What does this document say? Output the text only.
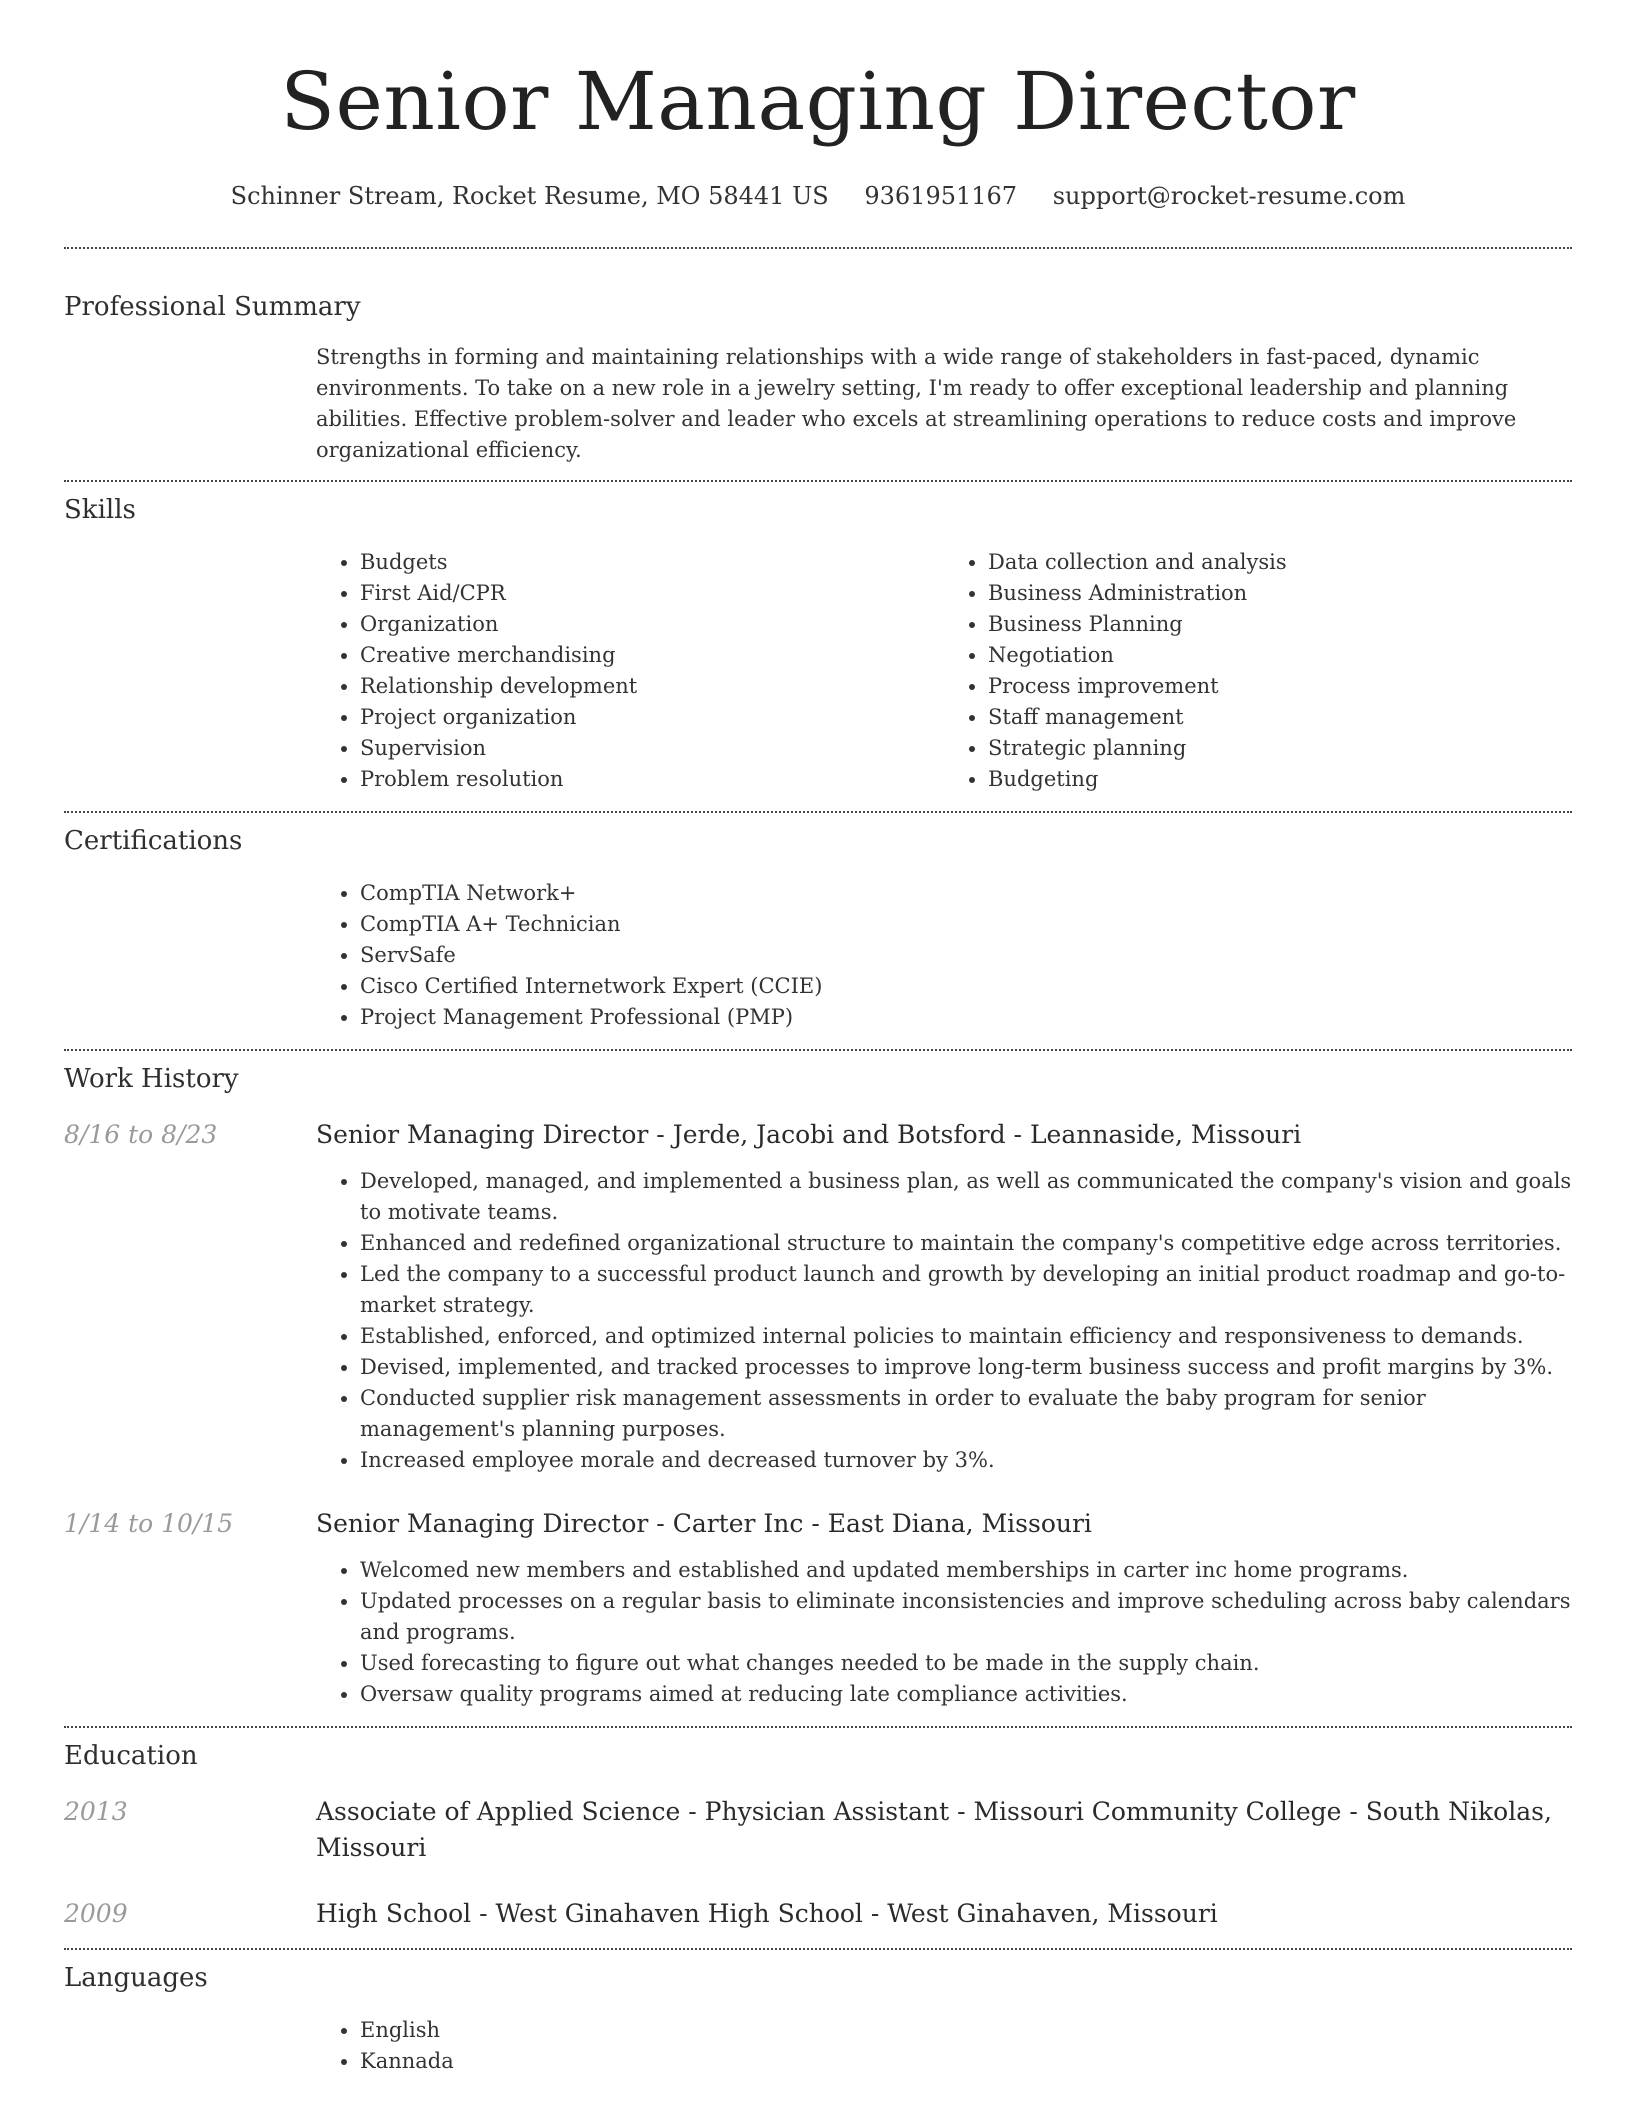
Senior Managing Director
Schinner Stream, Rocket Resume, MO 58441 US 9361951167 support@rocket-resume.com
Professional Summary
Strengths in forming and maintaining relationships with a wide range of stakeholders in fast-paced, dynamic environments. To take on a new role in a jewelry setting, I'm ready to offer exceptional leadership and planning abilities. Effective problem-solver and leader who excels at streamlining operations to reduce costs and improve organizational efficiency.
Skills
• Budgets
• First Aid/CPR
• Organization
• Creative merchandising
• Relationship development
• Project organization
• Supervision
• Problem resolution
• Data collection and analysis
• Business Administration
• Business Planning
• Negotiation
• Process improvement
• Staff management
• Strategic planning
• Budgeting
Certifications
• CompTIA Network+
• CompTIA A+ Technician
• ServSafe
• Cisco Certified Internetwork Expert (CCIE)
• Project Management Professional (PMP)
Work History
8/16 to 8/23	Senior Managing Director - Jerde, Jacobi and Botsford - Leannaside, Missouri
• Developed, managed, and implemented a business plan, as well as communicated the company's vision and goals to motivate teams.
• Enhanced and redefined organizational structure to maintain the company's competitive edge across territories.
• Led the company to a successful product launch and growth by developing an initial product roadmap and go-to-market strategy.
• Established, enforced, and optimized internal policies to maintain efficiency and responsiveness to demands.
• Devised, implemented, and tracked processes to improve long-term business success and profit margins by 3%.
• Conducted supplier risk management assessments in order to evaluate the baby program for senior management's planning purposes.
• Increased employee morale and decreased turnover by 3%.
1/14 to 10/15	Senior Managing Director - Carter Inc - East Diana, Missouri
• Welcomed new members and established and updated memberships in carter inc home programs.
• Updated processes on a regular basis to eliminate inconsistencies and improve scheduling across baby calendars and programs.
• Used forecasting to figure out what changes needed to be made in the supply chain.
• Oversaw quality programs aimed at reducing late compliance activities.
Education
2013	Associate of Applied Science - Physician Assistant - Missouri Community College - South Nikolas, Missouri
2009	High School - West Ginahaven High School - West Ginahaven, Missouri
Languages
• English
• Kannada
